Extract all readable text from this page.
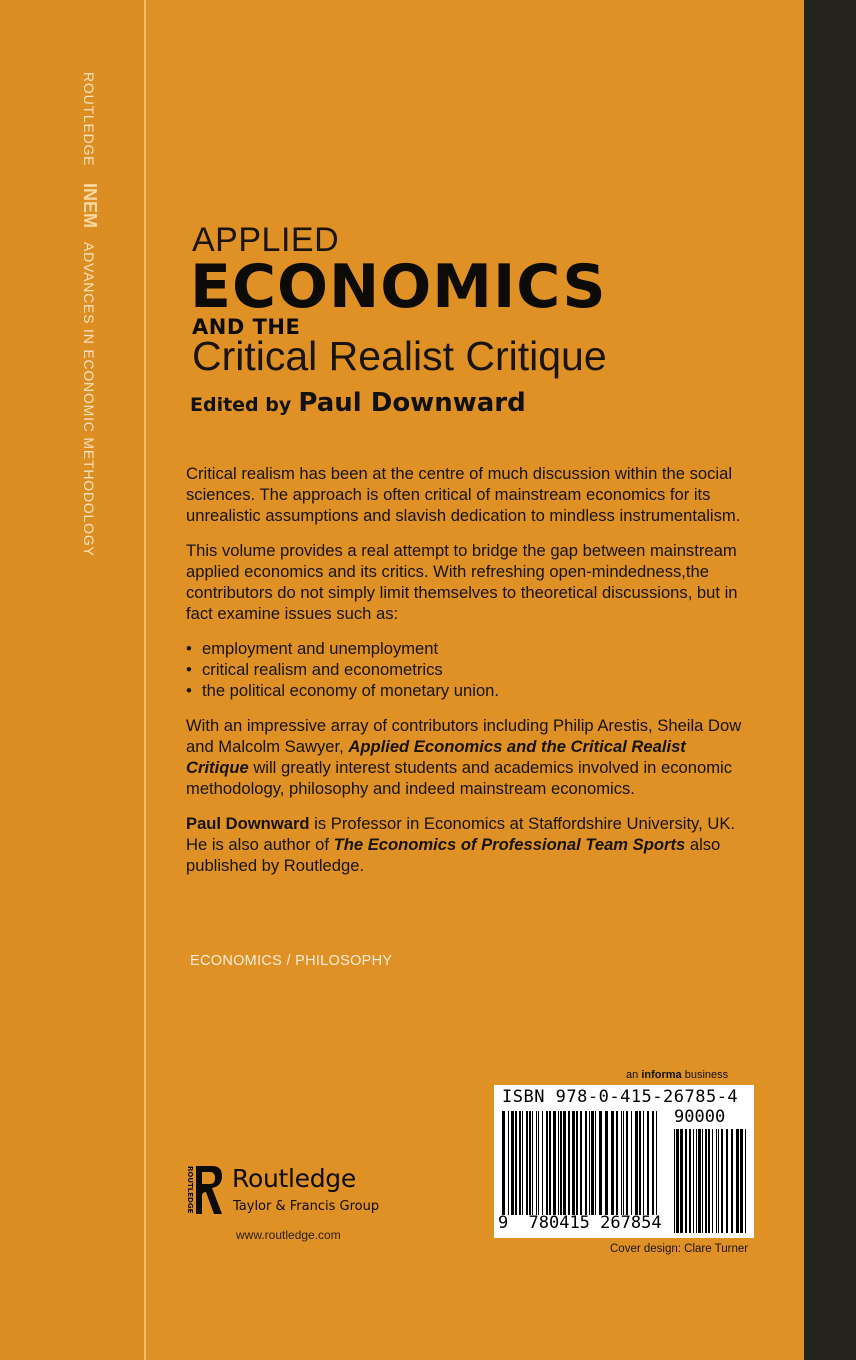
ROUTLEDGE INEM ADVANCES IN ECONOMIC METHODOLOGY
APPLIED
ECONOMICS
AND THE
Critical Realist Critique
Edited by Paul Downward

Critical realism has been at the centre of much discussion within the social sciences. The approach is often critical of mainstream economics for its unrealistic assumptions and slavish dedication to mindless instrumentalism.

This volume provides a real attempt to bridge the gap between mainstream applied economics and its critics. With refreshing open-mindedness,the contributors do not simply limit themselves to theoretical discussions, but in fact examine issues such as:

• employment and unemployment
• critical realism and econometrics
• the political economy of monetary union.

With an impressive array of contributors including Philip Arestis, Sheila Dow and Malcolm Sawyer, Applied Economics and the Critical Realist Critique will greatly interest students and academics involved in economic methodology, philosophy and indeed mainstream economics.

Paul Downward is Professor in Economics at Staffordshire University, UK. He is also author of The Economics of Professional Team Sports also published by Routledge.

ECONOMICS / PHILOSOPHY
an informa business
ISBN 978-0-415-26785-4
90000
9 780415 267854
Cover design: Clare Turner
ROUTLEDGE Routledge
Taylor & Francis Group
www.routledge.com
